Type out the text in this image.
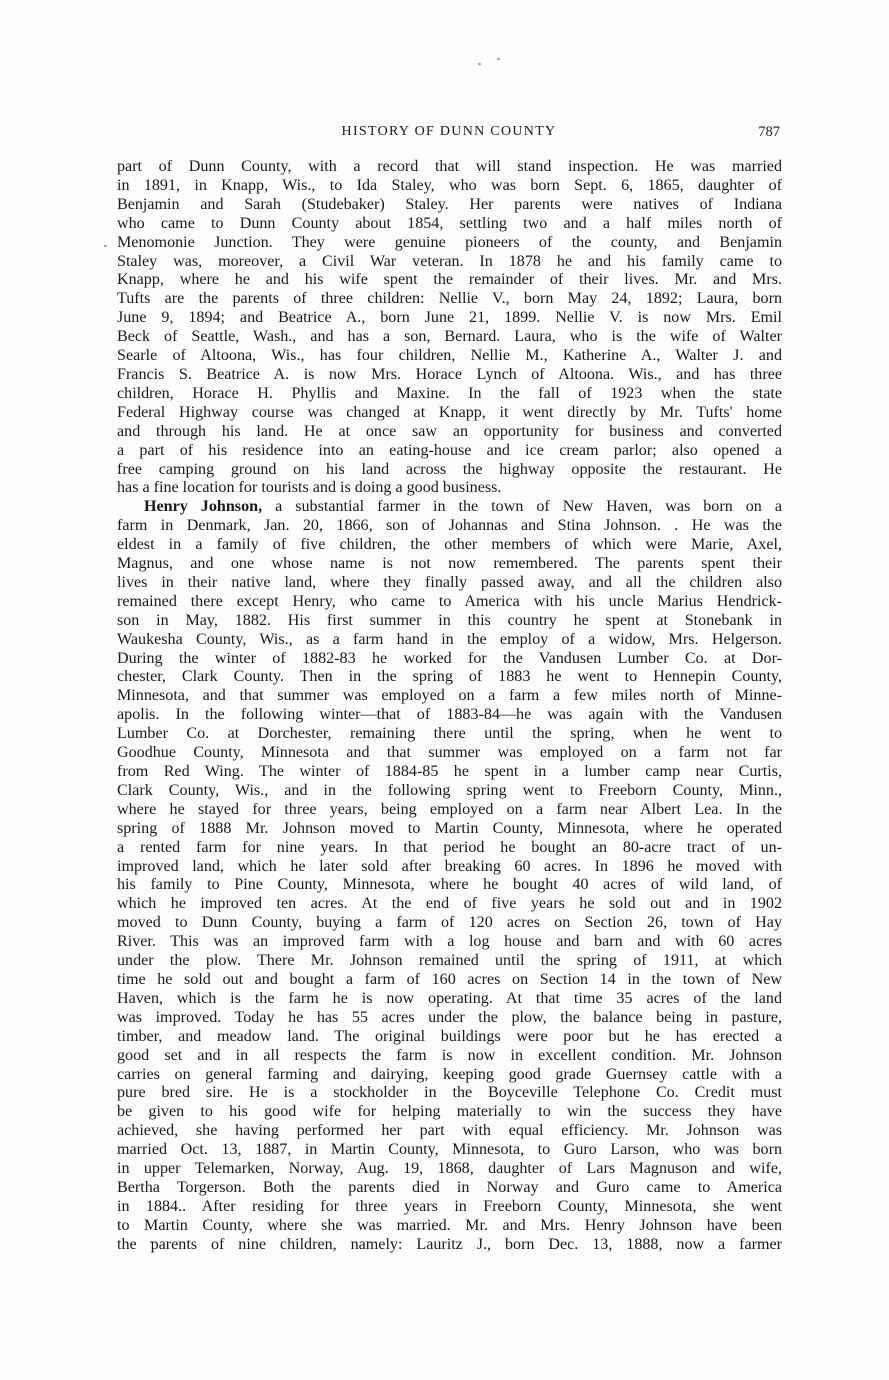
HISTORY OF DUNN COUNTY	787
part of Dunn County, with a record that will stand inspection. He was married
in 1891, in Knapp, Wis., to Ida Staley, who was born Sept. 6, 1865, daughter of
Benjamin and Sarah (Studebaker) Staley. Her parents were natives of Indiana
who came to Dunn County about 1854, settling two and a half miles north of
Menomonie Junction. They were genuine pioneers of the county, and Benjamin
Staley was, moreover, a Civil War veteran. In 1878 he and his family came to
Knapp, where he and his wife spent the remainder of their lives. Mr. and Mrs.
Tufts are the parents of three children: Nellie V., born May 24, 1892; Laura, born
June 9, 1894; and Beatrice A., born June 21, 1899. Nellie V. is now Mrs. Emil
Beck of Seattle, Wash., and has a son, Bernard. Laura, who is the wife of Walter
Searle of Altoona, Wis., has four children, Nellie M., Katherine A., Walter J. and
Francis S. Beatrice A. is now Mrs. Horace Lynch of Altoona. Wis., and has three
children, Horace H. Phyllis and Maxine. In the fall of 1923 when the state
Federal Highway course was changed at Knapp, it went directly by Mr. Tufts' home
and through his land. He at once saw an opportunity for business and converted
a part of his residence into an eating-house and ice cream parlor; also opened a
free camping ground on his land across the highway opposite the restaurant. He
has a fine location for tourists and is doing a good business.
Henry Johnson, a substantial farmer in the town of New Haven, was born on a
farm in Denmark, Jan. 20, 1866, son of Johannas and Stina Johnson. . He was the
eldest in a family of five children, the other members of which were Marie, Axel,
Magnus, and one whose name is not now remembered. The parents spent their
lives in their native land, where they finally passed away, and all the children also
remained there except Henry, who came to America with his uncle Marius Hendrick-
son in May, 1882. His first summer in this country he spent at Stonebank in
Waukesha County, Wis., as a farm hand in the employ of a widow, Mrs. Helgerson.
During the winter of 1882-83 he worked for the Vandusen Lumber Co. at Dor-
chester, Clark County. Then in the spring of 1883 he went to Hennepin County,
Minnesota, and that summer was employed on a farm a few miles north of Minne-
apolis. In the following winter—that of 1883-84—he was again with the Vandusen
Lumber Co. at Dorchester, remaining there until the spring, when he went to
Goodhue County, Minnesota and that summer was employed on a farm not far
from Red Wing. The winter of 1884-85 he spent in a lumber camp near Curtis,
Clark County, Wis., and in the following spring went to Freeborn County, Minn.,
where he stayed for three years, being employed on a farm near Albert Lea. In the
spring of 1888 Mr. Johnson moved to Martin County, Minnesota, where he operated
a rented farm for nine years. In that period he bought an 80-acre tract of un-
improved land, which he later sold after breaking 60 acres. In 1896 he moved with
his family to Pine County, Minnesota, where he bought 40 acres of wild land, of
which he improved ten acres. At the end of five years he sold out and in 1902
moved to Dunn County, buying a farm of 120 acres on Section 26, town of Hay
River. This was an improved farm with a log house and barn and with 60 acres
under the plow. There Mr. Johnson remained until the spring of 1911, at which
time he sold out and bought a farm of 160 acres on Section 14 in the town of New
Haven, which is the farm he is now operating. At that time 35 acres of the land
was improved. Today he has 55 acres under the plow, the balance being in pasture,
timber, and meadow land. The original buildings were poor but he has erected a
good set and in all respects the farm is now in excellent condition. Mr. Johnson
carries on general farming and dairying, keeping good grade Guernsey cattle with a
pure bred sire. He is a stockholder in the Boyceville Telephone Co. Credit must
be given to his good wife for helping materially to win the success they have
achieved, she having performed her part with equal efficiency. Mr. Johnson was
married Oct. 13, 1887, in Martin County, Minnesota, to Guro Larson, who was born
in upper Telemarken, Norway, Aug. 19, 1868, daughter of Lars Magnuson and wife,
Bertha Torgerson. Both the parents died in Norway and Guro came to America
in 1884.. After residing for three years in Freeborn County, Minnesota, she went
to Martin County, where she was married. Mr. and Mrs. Henry Johnson have been
the parents of nine children, namely: Lauritz J., born Dec. 13, 1888, now a farmer
